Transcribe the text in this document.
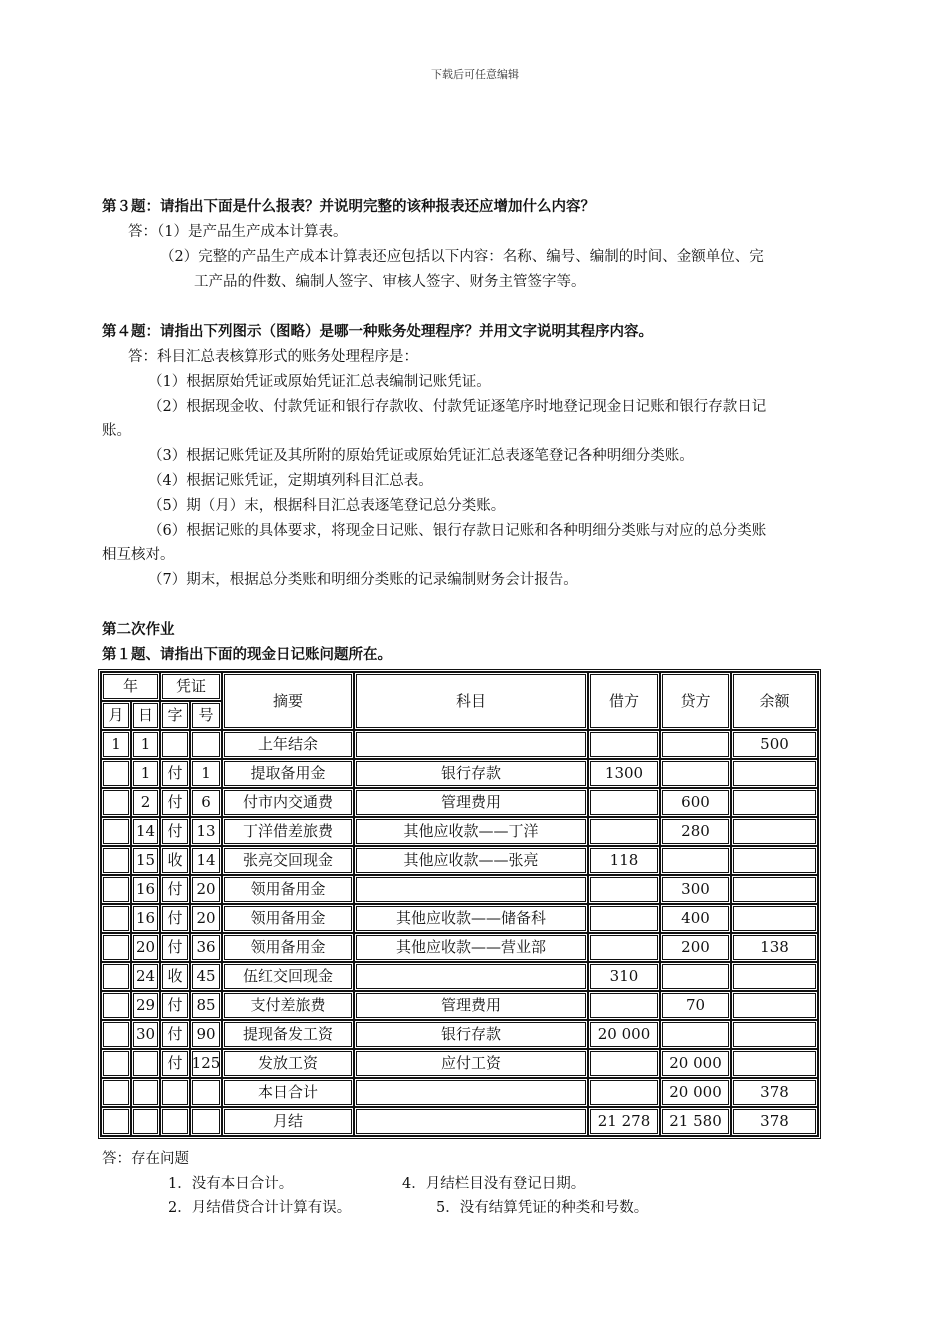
下载后可任意编辑
第３题：请指出下面是什么报表？并说明完整的该种报表还应增加什么内容？
答：（1）是产品生产成本计算表。
（2）完整的产品生产成本计算表还应包括以下内容：名称、编号、编制的时间、金额单位、完
工产品的件数、编制人签字、审核人签字、财务主管签字等。
第４题：请指出下列图示（图略）是哪一种账务处理程序？并用文字说明其程序内容。
答：科目汇总表核算形式的账务处理程序是：
（1）根据原始凭证或原始凭证汇总表编制记账凭证。
（2）根据现金收、付款凭证和银行存款收、付款凭证逐笔序时地登记现金日记账和银行存款日记
账。
（3）根据记账凭证及其所附的原始凭证或原始凭证汇总表逐笔登记各种明细分类账。
（4）根据记账凭证，定期填列科目汇总表。
（5）期（月）末，根据科目汇总表逐笔登记总分类账。
（6）根据记账的具体要求，将现金日记账、银行存款日记账和各种明细分类账与对应的总分类账
相互核对。
（7）期末，根据总分类账和明细分类账的记录编制财务会计报告。
第二次作业
第１题、请指出下面的现金日记账问题所在。
年		凭证		摘要	科目	借方	贷方	余额
月	日	字	号					
1	1			上年结余				500
	1	付	1	提取备用金	银行存款	1300		
	2	付	6	付市内交通费	管理费用		600	
	14	付	13	丁洋借差旅费	其他应收款——丁洋		280	
	15	收	14	张亮交回现金	其他应收款——张亮	118		
	16	付	20	领用备用金			300	
	16	付	20	领用备用金	其他应收款——储备科		400	
	20	付	36	领用备用金	其他应收款——营业部		200	138
	24	收	45	伍红交回现金		310		
	29	付	85	支付差旅费	管理费用		70	
	30	付	90	提现备发工资	银行存款	20 000		
		付	125	发放工资	应付工资		20 000	
				本日合计			20 000	378
				月结		21 278	21 580	378
答：存在问题
1．没有本日合计。	4．月结栏目没有登记日期。
2．月结借贷合计计算有误。	5．没有结算凭证的种类和号数。
